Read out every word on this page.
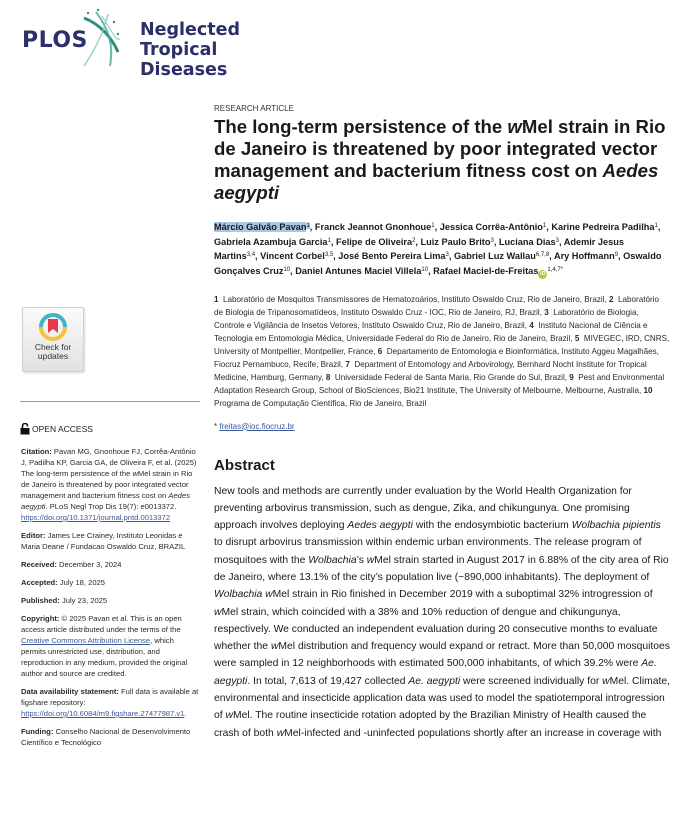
PLOS	Neglected Tropical
Diseases
Check for
updates
OPEN ACCESS

Citation: Pavan MG, Gnonhoue FJ, Corrêa-Antônio J, Padilha KP, Garcia GA, de Oliveira F, et al. (2025) The long-term persistence of the wMel strain in Rio de Janeiro is threatened by poor integrated vector management and bacterium fitness cost on Aedes aegypti. PLoS Negl Trop Dis 19(7): e0013372. https://doi.org/10.1371/journal.pntd.0013372

Editor: James Lee Crainey, Instituto Leonidas e Maria Deane / Fundacao Oswaldo Cruz, BRAZIL

Received: December 3, 2024

Accepted: July 18, 2025

Published: July 23, 2025

Copyright: © 2025 Pavan et al. This is an open access article distributed under the terms of the Creative Commons Attribution License, which permits unrestricted use, distribution, and reproduction in any medium, provided the original author and source are credited.

Data availability statement: Full data is available at figshare repository: https://doi.org/10.6084/m9.figshare.27477987.v1.

Funding: Conselho Nacional de Desenvolvimento Científico e Tecnológico

RESEARCH ARTICLE
The long-term persistence of the wMel strain in Rio de Janeiro is threatened by poor integrated vector management and bacterium fitness cost on Aedes aegypti
Márcio Galvão Pavan$^1$, Franck Jeannot Gnonhoue$^1$, Jessica Corrêa-Antônio$^1$, Karine Pedreira Padilha$^1$, Gabriela Azambuja Garcia$^1$, Felipe de Oliveira$^2$, Luiz Paulo Brito$^3$, Luciana Dias$^3$, Ademir Jesus Martins$^{3,4}$, Vincent Corbel$^{3,5}$, José Bento Pereira Lima$^3$, Gabriel Luz Wallau$^{6,7,8}$, Ary Hoffmann$^9$, Oswaldo Gonçalves Cruz$^{10}$, Daniel Antunes Maciel Villela$^{10}$, Rafael Maciel-de-Freitas $iD^{1,4,7*}$
1  Laboratório de Mosquitos Transmissores de Hematozoários, Instituto Oswaldo Cruz, Rio de Janeiro, Brazil, 2  Laboratório de Biologia de Tripanosomatídeos, Instituto Oswaldo Cruz - IOC, Rio de Janeiro, RJ, Brazil, 3  Laboratório de Biologia, Controle e Vigilância de Insetos Vetores, Instituto Oswaldo Cruz, Rio de Janeiro, Brazil, 4  Instituto Nacional de Ciência e Tecnologia em Entomologia Médica, Universidade Federal do Rio de Janeiro, Rio de Janeiro, Brazil, 5  MIVEGEC, IRD, CNRS, University of Montpellier, Montpellier, France, 6  Departamento de Entomologia e Bioinformática, Instituto Aggeu Magalhães, Fiocruz Pernambuco, Recife, Brazil, 7  Department of Entomology and Arbovirology, Bernhard Nocht Institute for Tropical Medicine, Hamburg, Germany, 8  Universidade Federal de Santa Maria, Rio Grande do Sul, Brazil, 9  Pest and Environmental Adaptation Research Group, School of BioSciences, Bio21 Institute, The University of Melbourne, Melbourne, Australia, 10  Programa de Computação Científica, Rio de Janeiro, Brazil
* freitas@ioc.fiocruz.br
Abstract

New tools and methods are currently under evaluation by the World Health Organization for preventing arbovirus transmission, such as dengue, Zika, and chikungunya. One promising approach involves deploying Aedes aegypti with the endosymbiotic bacterium Wolbachia pipientis to disrupt arbovirus transmission within endemic urban environments. The release program of mosquitoes with the Wolbachia’s wMel strain started in August 2017 in 6.88% of the city area of Rio de Janeiro, where 13.1% of the city’s population live (~890,000 inhabitants). The deployment of Wolbachia wMel strain in Rio finished in December 2019 with a suboptimal 32% introgression of wMel strain, which coincided with a 38% and 10% reduction of dengue and chikungunya, respectively. We conducted an independent evaluation during 20 consecutive months to evaluate whether the wMel distribution and frequency would expand or retract. More than 50,000 mosquitoes were sampled in 12 neighborhoods with estimated 500,000 inhabitants, of which 39.2% were Ae. aegypti. In total, 7,613 of 19,427 collected Ae. aegypti were screened individually for wMel. Climate, environmental and insecticide application data was used to model the spatiotemporal introgression of wMel. The routine insecticide rotation adopted by the Brazilian Ministry of Health caused the crash of both wMel-infected and -uninfected populations shortly after an increase in coverage with
